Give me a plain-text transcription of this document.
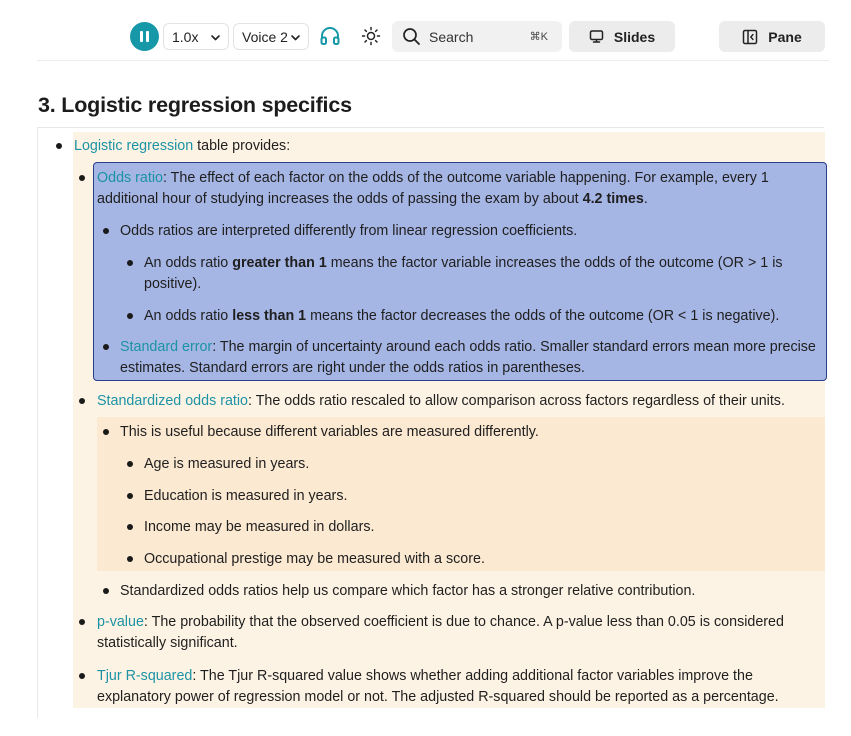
1.0x	Voice 2	Search	⌘K	Slides	Pane
3. Logistic regression specifics
Logistic regression table provides:
Odds ratio: The effect of each factor on the odds of the outcome variable happening. For example, every 1
additional hour of studying increases the odds of passing the exam by about 4.2 times.
Odds ratios are interpreted differently from linear regression coefficients.
An odds ratio greater than 1 means the factor variable increases the odds of the outcome (OR > 1 is
positive).
An odds ratio less than 1 means the factor decreases the odds of the outcome (OR < 1 is negative).
Standard error: The margin of uncertainty around each odds ratio. Smaller standard errors mean more precise
estimates. Standard errors are right under the odds ratios in parentheses.
Standardized odds ratio: The odds ratio rescaled to allow comparison across factors regardless of their units.
This is useful because different variables are measured differently.
Age is measured in years.
Education is measured in years.
Income may be measured in dollars.
Occupational prestige may be measured with a score.
Standardized odds ratios help us compare which factor has a stronger relative contribution.
p-value: The probability that the observed coefficient is due to chance. A p-value less than 0.05 is considered
statistically significant.
Tjur R-squared: The Tjur R-squared value shows whether adding additional factor variables improve the
explanatory power of regression model or not. The adjusted R-squared should be reported as a percentage.
